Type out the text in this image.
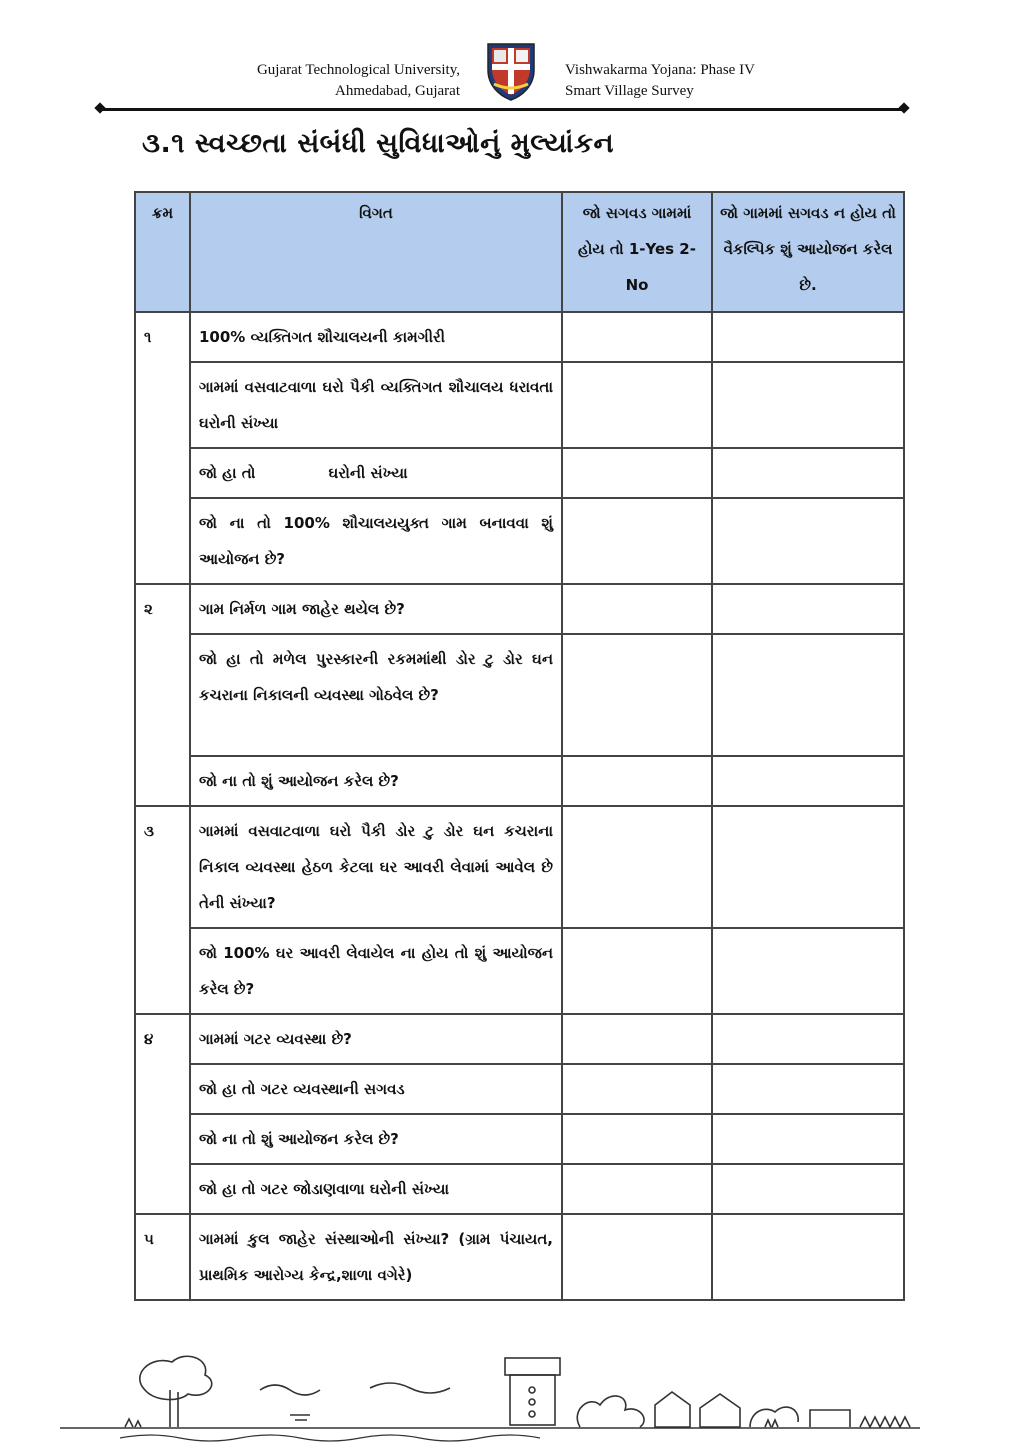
Gujarat Technological University,
Ahmedabad, Gujarat
Vishwakarma Yojana: Phase IV
Smart Village Survey
૩.૧ સ્વચ્છતા સંબંધી સુવિધાઓનું મુલ્યાંકન
ક્રમ	વિગત	જો સગવડ ગામમાં હોય તો 1-Yes 2-No	જો ગામમાં સગવડ ન હોય તો વૈકલ્પિક શું આયોજન કરેલ છે.
૧	100% વ્યક્તિગત શૌચાલયની કામગીરી		
	ગામમાં વસવાટવાળા ઘરો પૈકી વ્યક્તિગત શૌચાલય ધરાવતા ઘરોની સંખ્યા		
	જો હા તો              ઘરોની સંખ્યા		
	જો ના તો 100% શૌચાલયયુક્ત ગામ બનાવવા શું આયોજન છે?		
૨	ગામ નિર્મળ ગામ જાહેર થયેલ છે?		
	જો હા તો મળેલ પુરસ્કારની રકમમાંથી ડોર ટુ ડોર ઘન કચરાના નિકાલની વ્યવસ્થા ગોઠવેલ છે?		
	જો ના તો શું આયોજન કરેલ છે?		
૩	ગામમાં વસવાટવાળા ઘરો પૈકી ડોર ટુ ડોર ઘન કચરાના નિકાલ વ્યવસ્થા હેઠળ કેટલા ઘર આવરી લેવામાં આવેલ છે તેની સંખ્યા?		
	જો 100% ઘર આવરી લેવાયેલ ના હોય તો શું આયોજન કરેલ છે?		
૪	ગામમાં ગટર વ્યવસ્થા છે?		
	જો હા તો ગટર વ્યવસ્થાની સગવડ		
	જો ના તો શું આયોજન કરેલ છે?		
	જો હા તો ગટર જોડાણવાળા ઘરોની સંખ્યા		
૫	ગામમાં કુલ જાહેર સંસ્થાઓની સંખ્યા? (ગ્રામ પંચાયત, પ્રાથમિક આરોગ્ય કેન્દ્ર,શાળા વગેરે)		
